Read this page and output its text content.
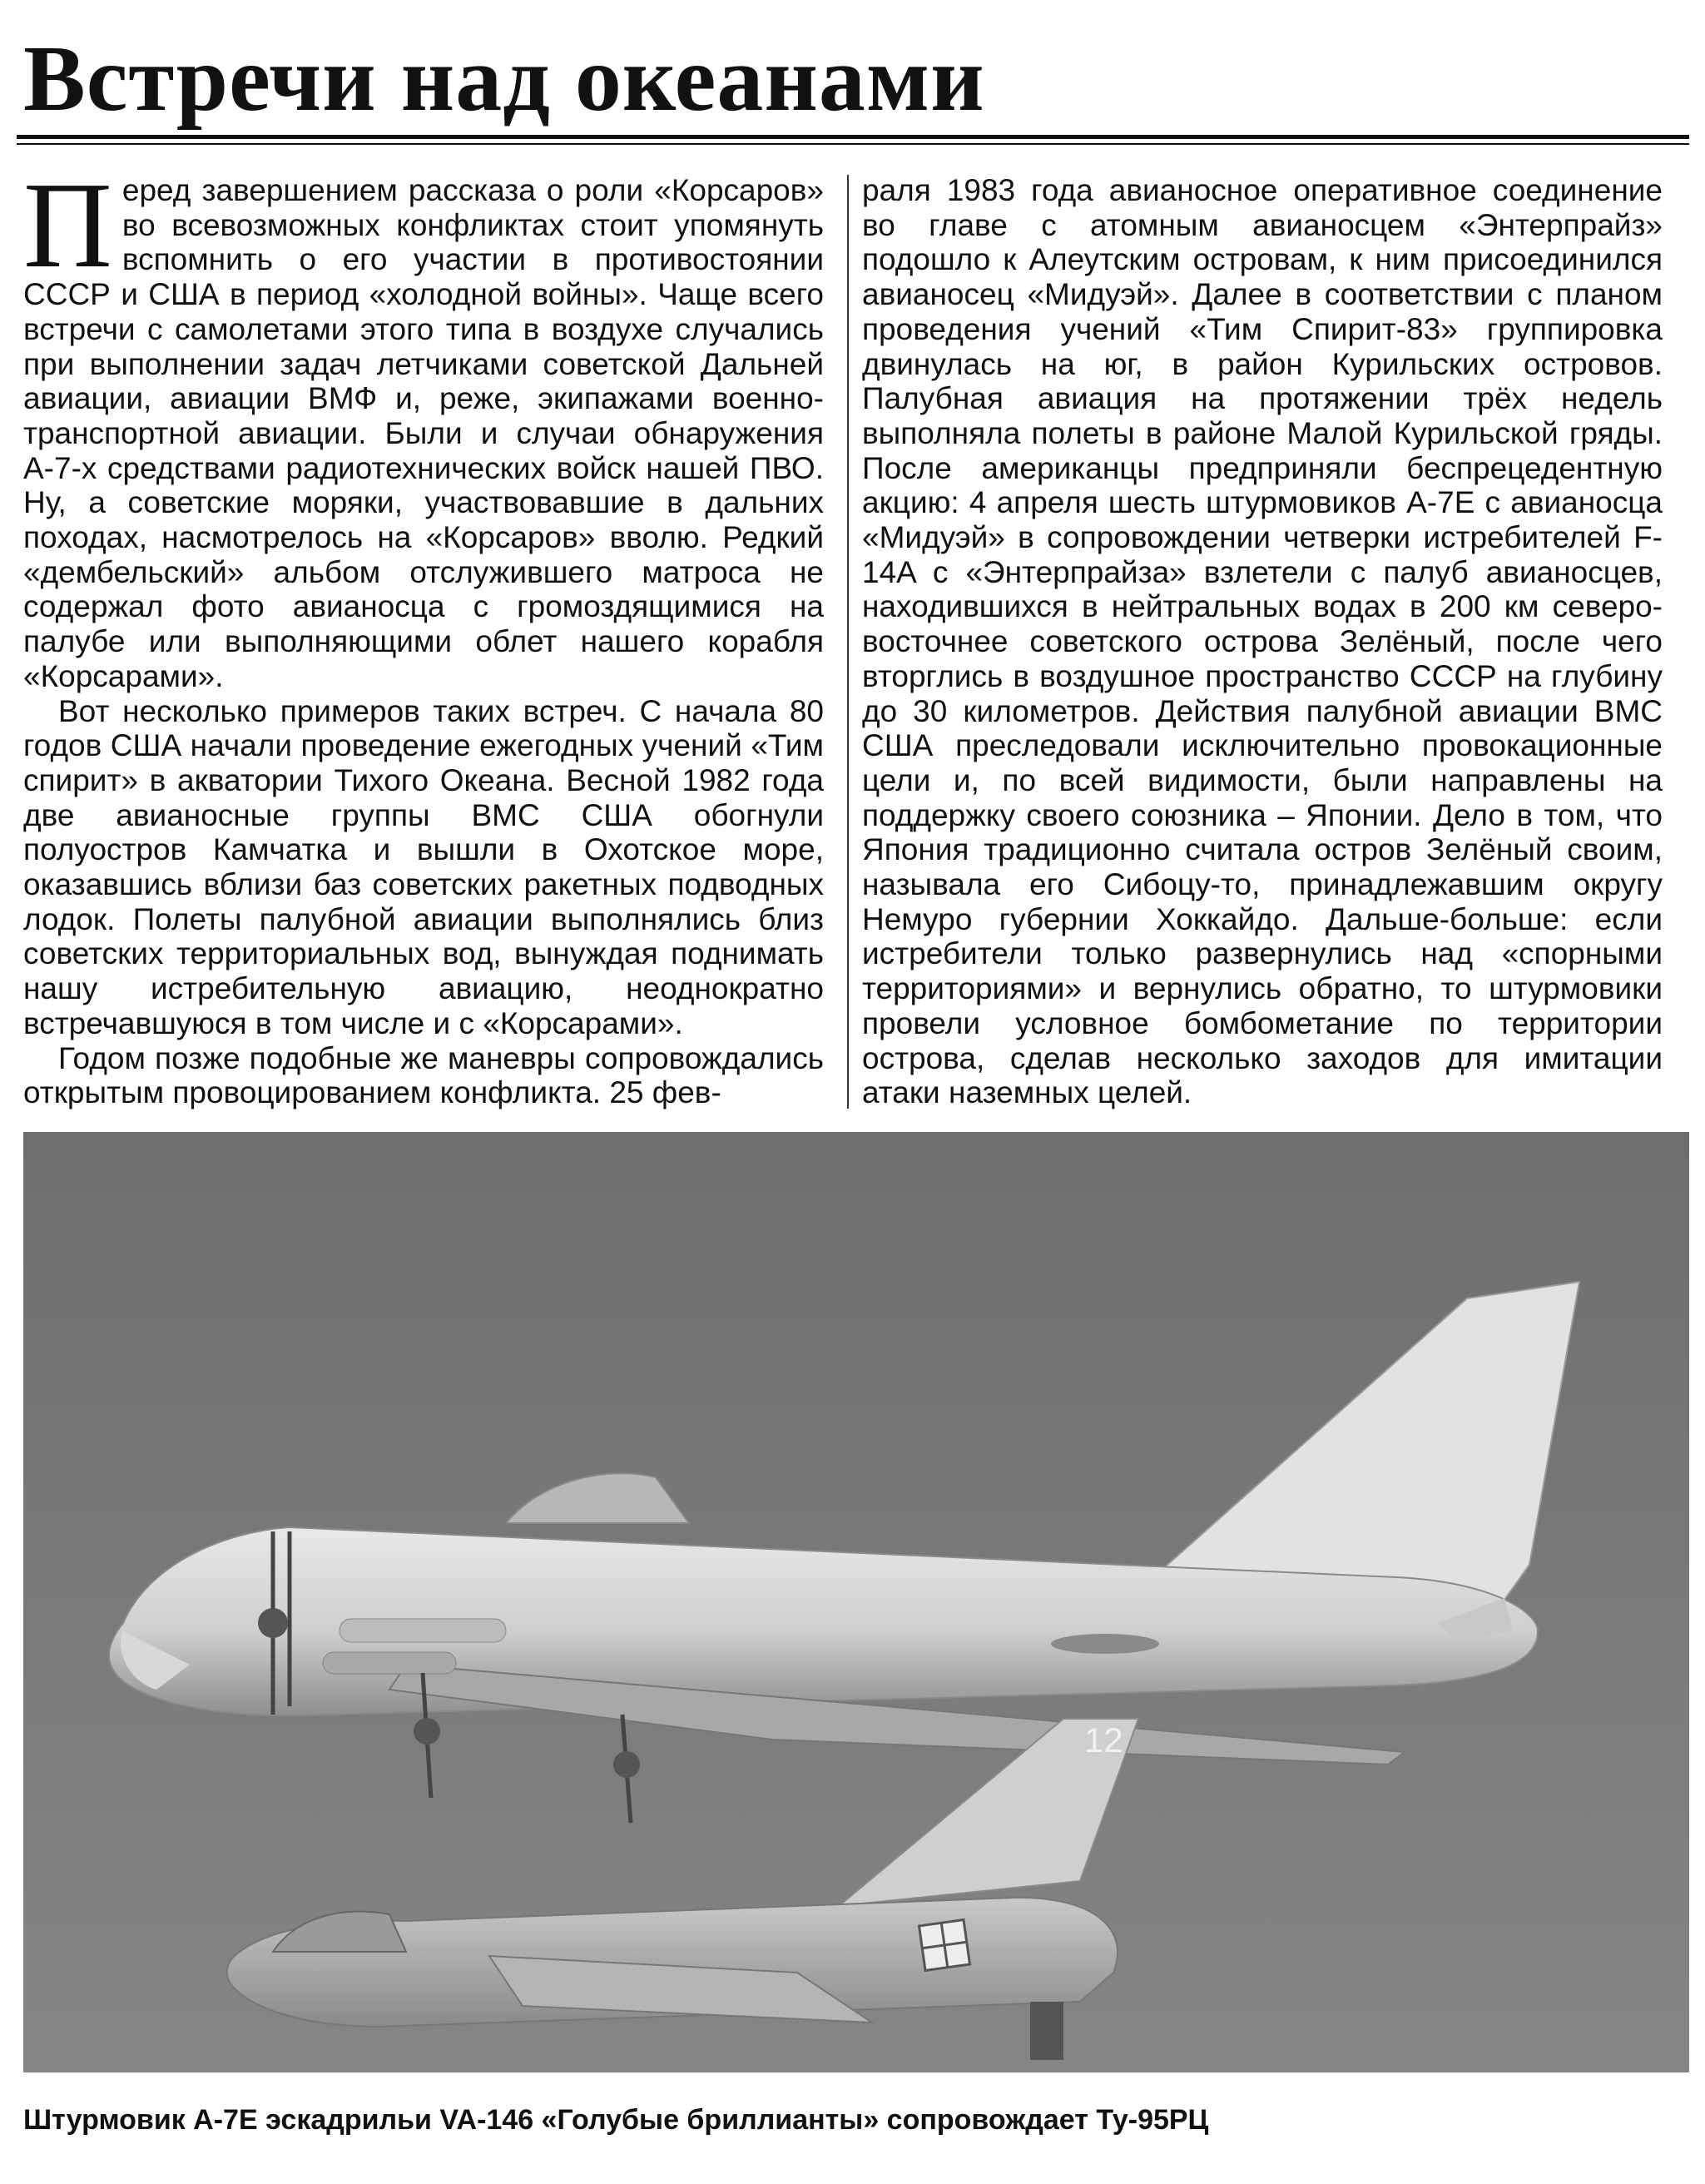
Встречи над океанами

Перед завершением рассказа о роли «Корсаров» во всевозможных конфликтах стоит упомянуть вспомнить о его участии в противостоянии СССР и США в период «холодной войны». Чаще всего встречи с самолетами этого типа в воздухе случались при выполнении задач летчиками советской Дальней авиации, авиации ВМФ и, реже, экипажами военно-транспортной авиации. Были и случаи обнаружения А-7-х средствами радиотехнических войск нашей ПВО. Ну, а советские моряки, участвовавшие в дальних походах, насмотрелось на «Корсаров» вволю. Редкий «дембельский» альбом отслужившего матроса не содержал фото авианосца с громоздящимися на палубе или выполняющими облет нашего корабля «Корсарами».

Вот несколько примеров таких встреч. С начала 80 годов США начали проведение ежегодных учений «Тим спирит» в акватории Тихого Океана. Весной 1982 года две авианосные группы ВМС США обогнули полуостров Камчатка и вышли в Охотское море, оказавшись вблизи баз советских ракетных подводных лодок. Полеты палубной авиации выполнялись близ советских территориальных вод, вынуждая поднимать нашу истребительную авиацию, неоднократно встречавшуюся в том числе и с «Корсарами».

Годом позже подобные же маневры сопровождались открытым провоцированием конфликта. 25 фев-

раля 1983 года авианосное оперативное соединение во главе с атомным авианосцем «Энтерпрайз» подошло к Алеутским островам, к ним присоединился авианосец «Мидуэй». Далее в соответствии с планом проведения учений «Тим Спирит-83» группировка двинулась на юг, в район Курильских островов. Палубная авиация на протяжении трёх недель выполняла полеты в районе Малой Курильской гряды. После американцы предприняли беспрецедентную акцию: 4 апреля шесть штурмовиков А-7Е с авианосца «Мидуэй» в сопровождении четверки истребителей F-14A с «Энтерпрайза» взлетели с палуб авианосцев, находившихся в нейтральных водах в 200 км северо-восточнее советского острова Зелёный, после чего вторглись в воздушное пространство СССР на глубину до 30 километров. Действия палубной авиации ВМС США преследовали исключительно провокационные цели и, по всей видимости, были направлены на поддержку своего союзника – Японии. Дело в том, что Япония традиционно считала остров Зелёный своим, называла его Сибоцу-то, принадлежавшим округу Немуро губернии Хоккайдо. Дальше-больше: если истребители только развернулись над «спорными территориями» и вернулись обратно, то штурмовики провели условное бомбометание по территории острова, сделав несколько заходов для имитации атаки наземных целей.

12

Штурмовик А-7Е эскадрильи VA-146 «Голубые бриллианты» сопровождает Ту-95РЦ
